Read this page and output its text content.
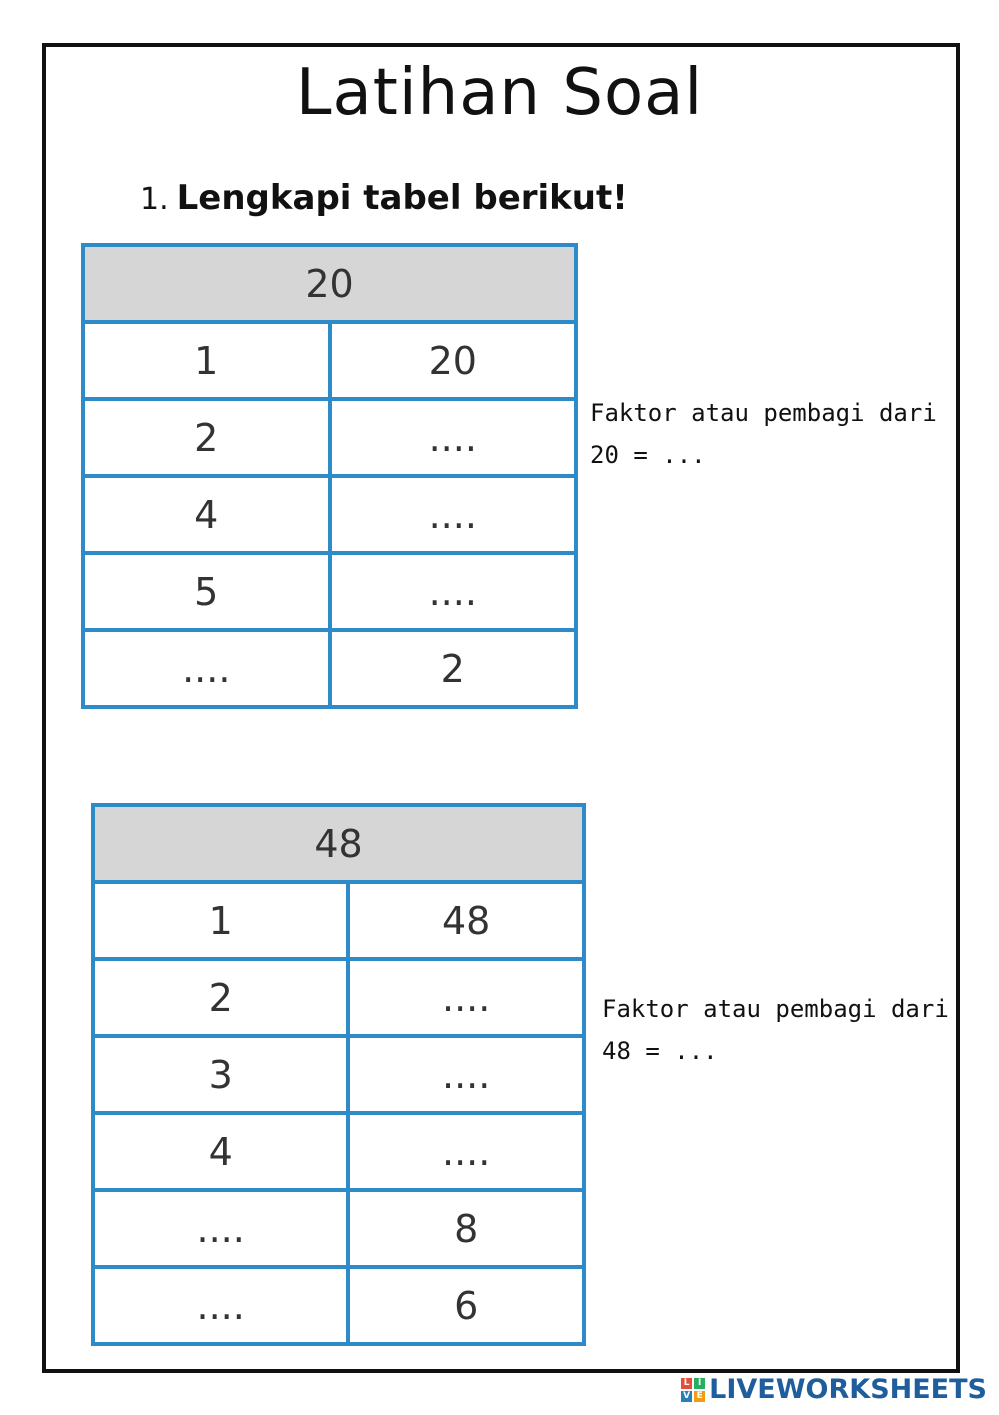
Latihan Soal
1. Lengkapi tabel berikut!
20	
1	20
2	....
4	....
5	....
....	2
Faktor atau pembagi dari
20 = ...
48	
1	48
2	....
3	....
4	....
....	8
....	6
Faktor atau pembagi dari
48 = ...
L I
V E LIVEWORKSHEETS
